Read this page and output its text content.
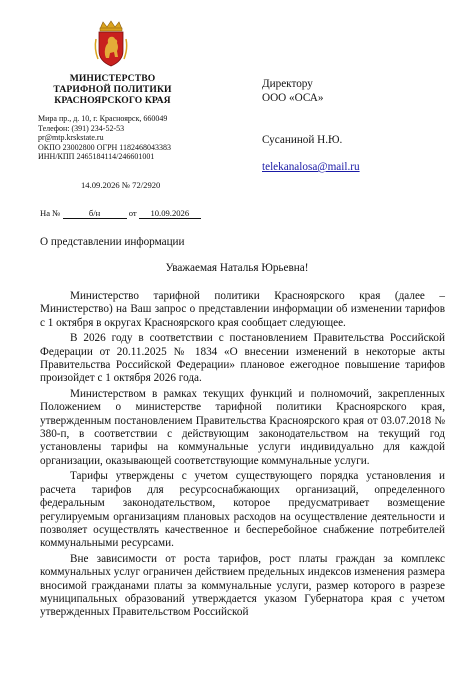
МИНИСТЕРСТВО
ТАРИФНОЙ ПОЛИТИКИ
КРАСНОЯРСКОГО КРАЯ
Мира пр., д. 10, г. Красноярск, 660049
Телефон: (391) 234-52-53
pr@mtp.krskstate.ru
ОКПО 23002800 ОГРН 1182468043383
ИНН/КПП 2465184114/246601001
14.09.2026 № 72/2920
На №	б/н	от 10.09.2026
Директору
ООО «ОСА»
Сусаниной Н.Ю.
telekanalosa@mail.ru
О представлении информации
Уважаемая Наталья Юрьевна!

Министерство тарифной политики Красноярского края (далее – Министерство) на Ваш запрос о представлении информации об изменении тарифов с 1 октября в округах Красноярского края сообщает следующее.

В 2026 году в соответствии с постановлением Правительства Российской Федерации от 20.11.2025 № 1834 «О внесении изменений в некоторые акты Правительства Российской Федерации» плановое ежегодное повышение тарифов произойдет с 1 октября 2026 года.

Министерством в рамках текущих функций и полномочий, закрепленных Положением о министерстве тарифной политики Красноярского края, утвержденным постановлением Правительства Красноярского края от 03.07.2018 № 380-п, в соответствии с действующим законодательством на текущий год установлены тарифы на коммунальные услуги индивидуально для каждой организации, оказывающей соответствующие коммунальные услуги.

Тарифы утверждены с учетом существующего порядка установления и расчета тарифов для ресурсоснабжающих организаций, определенного федеральным законодательством, которое предусматривает возмещение регулируемым организациям плановых расходов на осуществление деятельности и позволяет осуществлять качественное и бесперебойное снабжение потребителей коммунальными ресурсами.

Вне зависимости от роста тарифов, рост платы граждан за комплекс коммунальных услуг ограничен действием предельных индексов изменения размера вносимой гражданами платы за коммунальные услуги, размер которого в разрезе муниципальных образований утверждается указом Губернатора края с учетом утвержденных Правительством Российской
